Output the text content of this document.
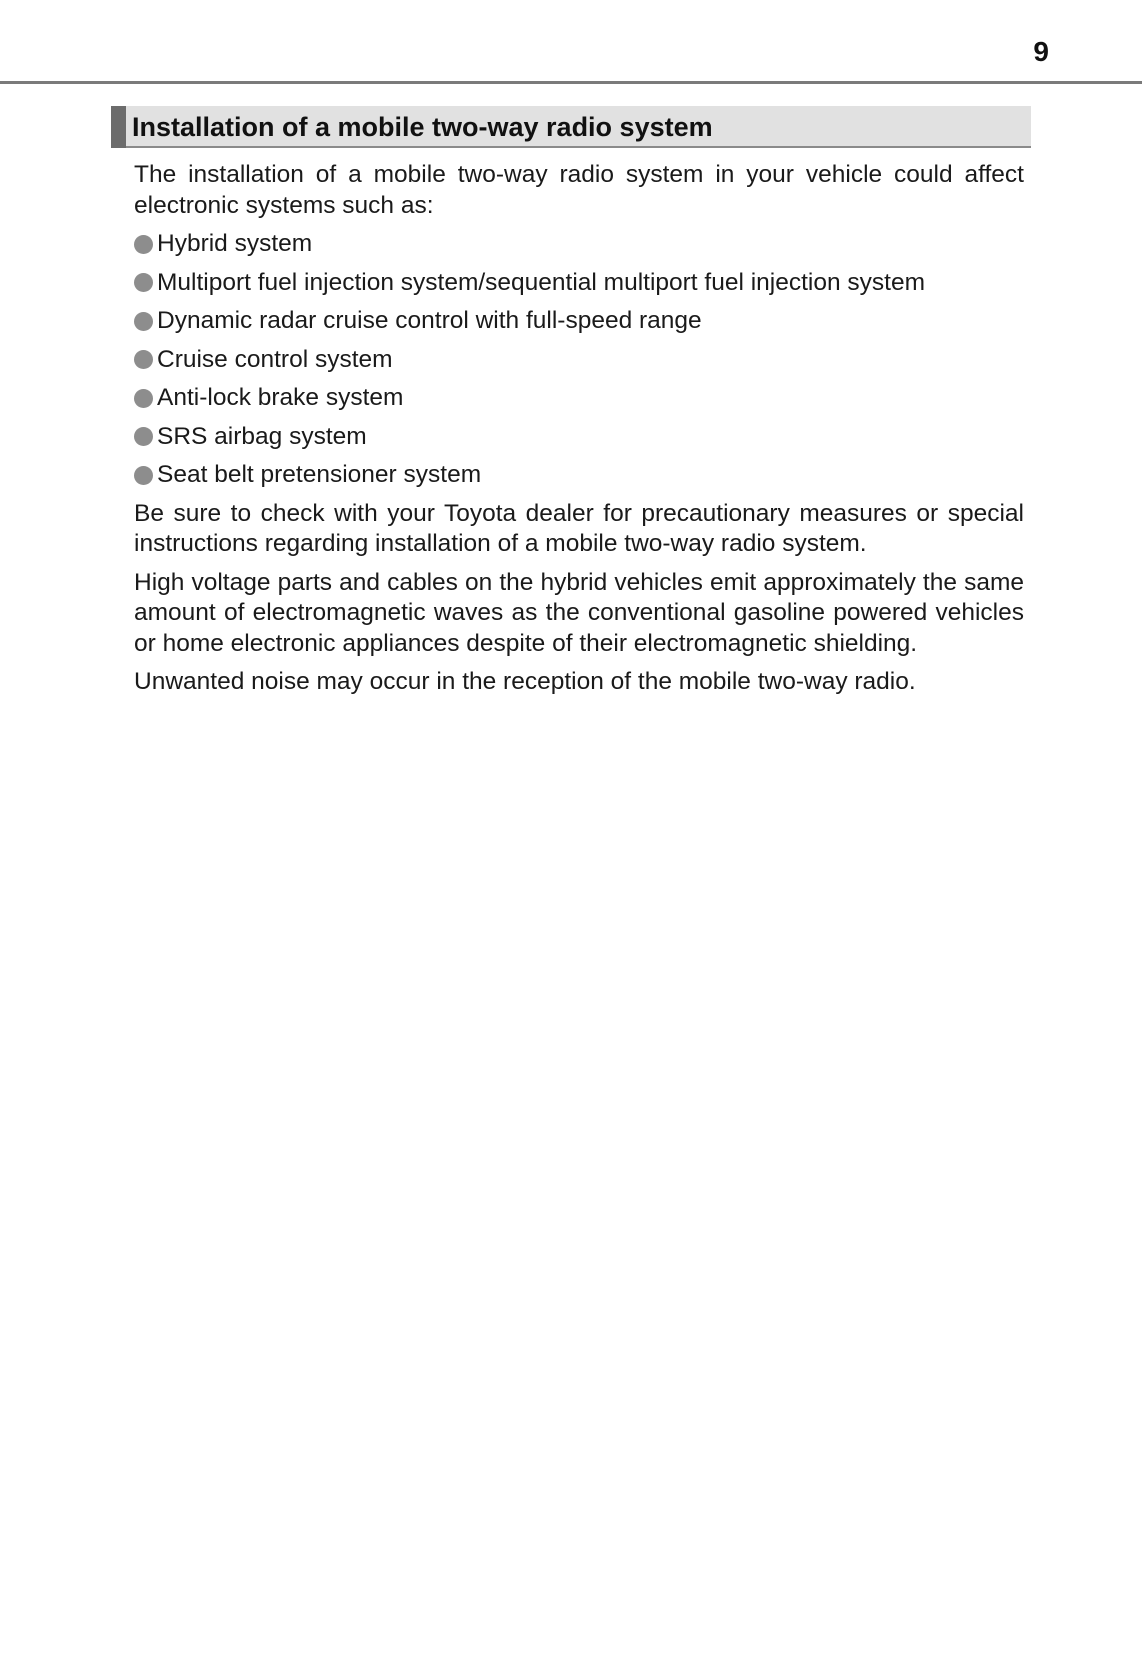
9
Installation of a mobile two-way radio system

The installation of a mobile two-way radio system in your vehicle could affect electronic systems such as:

Hybrid system
Multiport fuel injection system/sequential multiport fuel injection system
Dynamic radar cruise control with full-speed range
Cruise control system
Anti-lock brake system
SRS airbag system
Seat belt pretensioner system

Be sure to check with your Toyota dealer for precautionary measures or special instructions regarding installation of a mobile two-way radio system.

High voltage parts and cables on the hybrid vehicles emit approximately the same amount of electromagnetic waves as the conventional gasoline powered vehicles or home electronic appliances despite of their electromagnetic shielding.

Unwanted noise may occur in the reception of the mobile two-way radio.
